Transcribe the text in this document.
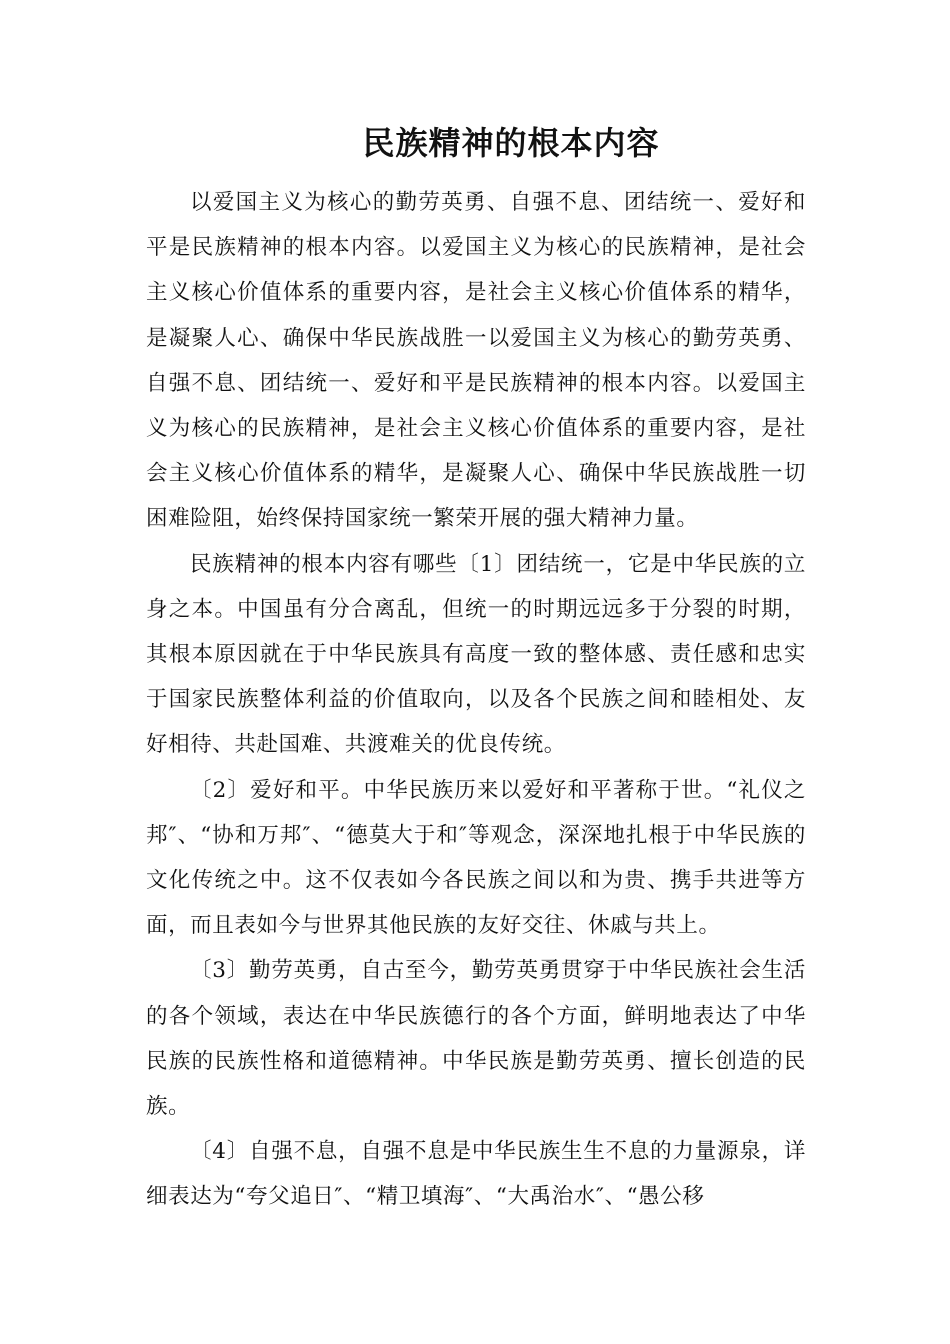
民族精神的根本内容

以爱国主义为核心的勤劳英勇、自强不息、团结统一、爱好和平是民族精神的根本内容。以爱国主义为核心的民族精神，是社会主义核心价值体系的重要内容，是社会主义核心价值体系的精华，是凝聚人心、确保中华民族战胜一以爱国主义为核心的勤劳英勇、自强不息、团结统一、爱好和平是民族精神的根本内容。以爱国主义为核心的民族精神，是社会主义核心价值体系的重要内容，是社会主义核心价值体系的精华，是凝聚人心、确保中华民族战胜一切困难险阻，始终保持国家统一繁荣开展的强大精神力量。

民族精神的根本内容有哪些〔1〕团结统一，它是中华民族的立身之本。中国虽有分合离乱，但统一的时期远远多于分裂的时期，其根本原因就在于中华民族具有高度一致的整体感、责任感和忠实于国家民族整体利益的价值取向，以及各个民族之间和睦相处、友好相待、共赴国难、共渡难关的优良传统。

〔2〕爱好和平。中华民族历来以爱好和平著称于世。“礼仪之邦″、“协和万邦″、“德莫大于和″等观念，深深地扎根于中华民族的文化传统之中。这不仅表如今各民族之间以和为贵、携手共进等方面，而且表如今与世界其他民族的友好交往、休戚与共上。

〔3〕勤劳英勇，自古至今，勤劳英勇贯穿于中华民族社会生活的各个领域，表达在中华民族德行的各个方面，鲜明地表达了中华民族的民族性格和道德精神。中华民族是勤劳英勇、擅长创造的民族。

〔4〕自强不息，自强不息是中华民族生生不息的力量源泉，详细表达为“夸父追日″、“精卫填海″、“大禹治水″、“愚公移
